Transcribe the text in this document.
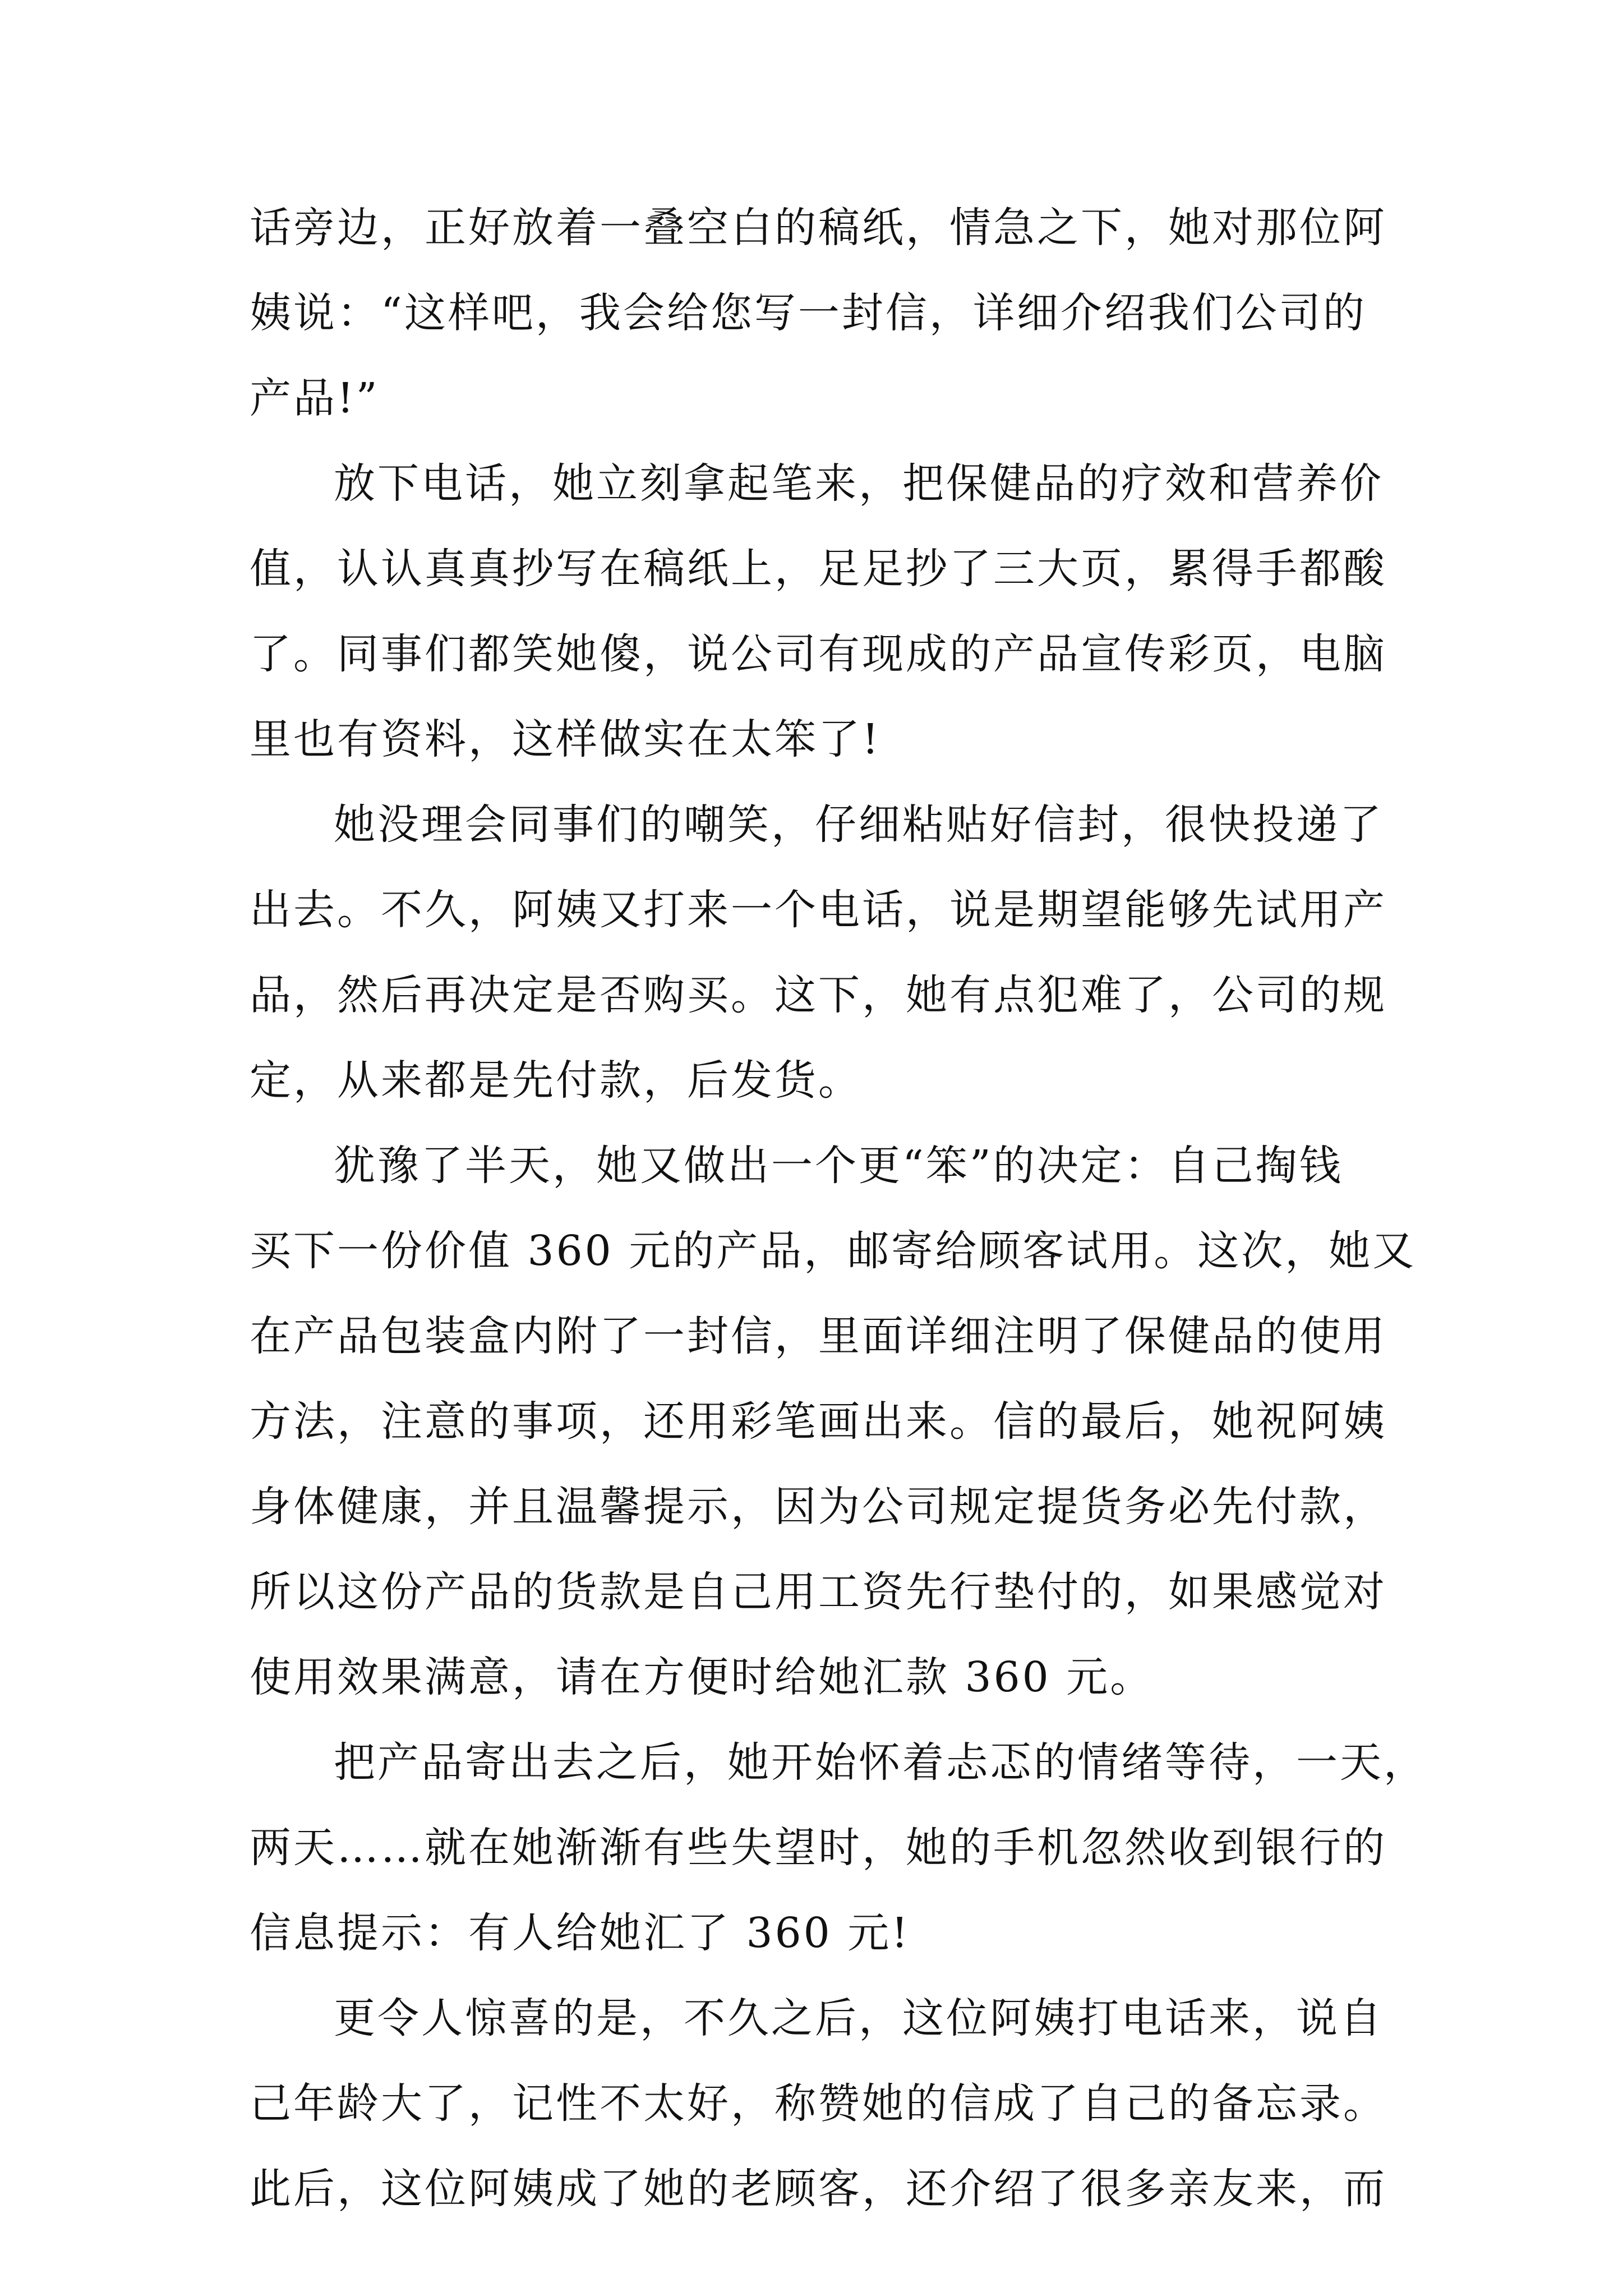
话旁边，正好放着一叠空白的稿纸，情急之下，她对那位阿
姨说：“这样吧，我会给您写一封信，详细介绍我们公司的
产品!”
放下电话，她立刻拿起笔来，把保健品的疗效和营养价
值，认认真真抄写在稿纸上，足足抄了三大页，累得手都酸
了。同事们都笑她傻，说公司有现成的产品宣传彩页，电脑
里也有资料，这样做实在太笨了!
她没理会同事们的嘲笑，仔细粘贴好信封，很快投递了
出去。不久，阿姨又打来一个电话，说是期望能够先试用产
品，然后再决定是否购买。这下，她有点犯难了，公司的规
定，从来都是先付款，后发货。
犹豫了半天，她又做出一个更“笨”的决定：自己掏钱
买下一份价值 360 元的产品，邮寄给顾客试用。这次，她又
在产品包装盒内附了一封信，里面详细注明了保健品的使用
方法，注意的事项，还用彩笔画出来。信的最后，她祝阿姨
身体健康，并且温馨提示，因为公司规定提货务必先付款，
所以这份产品的货款是自己用工资先行垫付的，如果感觉对
使用效果满意，请在方便时给她汇款 360 元。
把产品寄出去之后，她开始怀着忐忑的情绪等待，一天，
两天……就在她渐渐有些失望时，她的手机忽然收到银行的
信息提示：有人给她汇了 360 元!
更令人惊喜的是，不久之后，这位阿姨打电话来，说自
己年龄大了，记性不太好，称赞她的信成了自己的备忘录。
此后，这位阿姨成了她的老顾客，还介绍了很多亲友来，而
